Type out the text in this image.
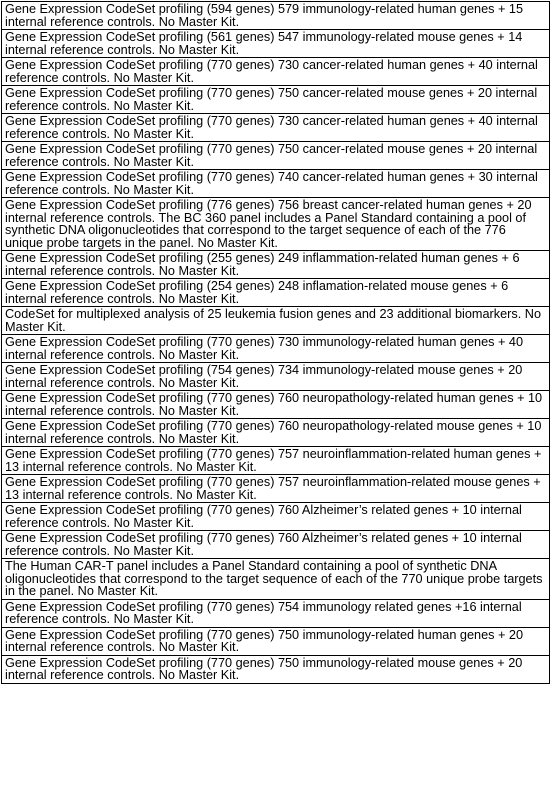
Gene Expression CodeSet profiling (594 genes) 579 immunology-related human genes + 15 internal reference controls. No Master Kit.
Gene Expression CodeSet profiling (561 genes) 547 immunology-related mouse genes + 14 internal reference controls. No Master Kit.
Gene Expression CodeSet profiling (770 genes) 730 cancer-related human genes + 40 internal reference controls. No Master Kit.
Gene Expression CodeSet profiling (770 genes) 750 cancer-related mouse genes + 20 internal reference controls. No Master Kit.
Gene Expression CodeSet profiling (770 genes) 730 cancer-related human genes + 40 internal reference controls. No Master Kit.
Gene Expression CodeSet profiling (770 genes) 750 cancer-related mouse genes + 20 internal reference controls. No Master Kit.
Gene Expression CodeSet profiling (770 genes) 740 cancer-related human genes + 30 internal reference controls. No Master Kit.
Gene Expression CodeSet profiling (776 genes) 756 breast cancer-related human genes + 20 internal reference controls. The BC 360 panel includes a Panel Standard containing a pool of synthetic DNA oligonucleotides that correspond to the target sequence of each of the 776 unique probe targets in the panel. No Master Kit.
Gene Expression CodeSet profiling (255 genes) 249 inflammation-related human genes + 6 internal reference controls. No Master Kit.
Gene Expression CodeSet profiling (254 genes) 248 inflamation-related mouse genes + 6 internal reference controls. No Master Kit.
CodeSet for multiplexed analysis of 25 leukemia fusion genes and 23 additional biomarkers. No Master Kit.
Gene Expression CodeSet profiling (770 genes) 730 immunology-related human genes + 40 internal reference controls. No Master Kit.
Gene Expression CodeSet profiling (754 genes) 734 immunology-related mouse genes + 20 internal reference controls. No Master Kit.
Gene Expression CodeSet profiling (770 genes) 760 neuropathology-related human genes + 10 internal reference controls. No Master Kit.
Gene Expression CodeSet profiling (770 genes) 760 neuropathology-related mouse genes + 10 internal reference controls. No Master Kit.
Gene Expression CodeSet profiling (770 genes) 757 neuroinflammation-related human genes + 13 internal reference controls. No Master Kit.
Gene Expression CodeSet profiling (770 genes) 757 neuroinflammation-related mouse genes + 13 internal reference controls. No Master Kit.
Gene Expression CodeSet profiling (770 genes) 760 Alzheimer’s related genes + 10 internal reference controls. No Master Kit.
Gene Expression CodeSet profiling (770 genes) 760 Alzheimer’s related genes + 10 internal reference controls. No Master Kit.
The Human CAR-T panel includes a Panel Standard containing a pool of synthetic DNA oligonucleotides that correspond to the target sequence of each of the 770 unique probe targets in the panel. No Master Kit.
Gene Expression CodeSet profiling (770 genes) 754 immunology related genes +16 internal reference controls. No Master Kit.
Gene Expression CodeSet profiling (770 genes) 750 immunology-related human genes + 20 internal reference controls. No Master Kit.
Gene Expression CodeSet profiling (770 genes) 750 immunology-related mouse genes + 20 internal reference controls. No Master Kit.
